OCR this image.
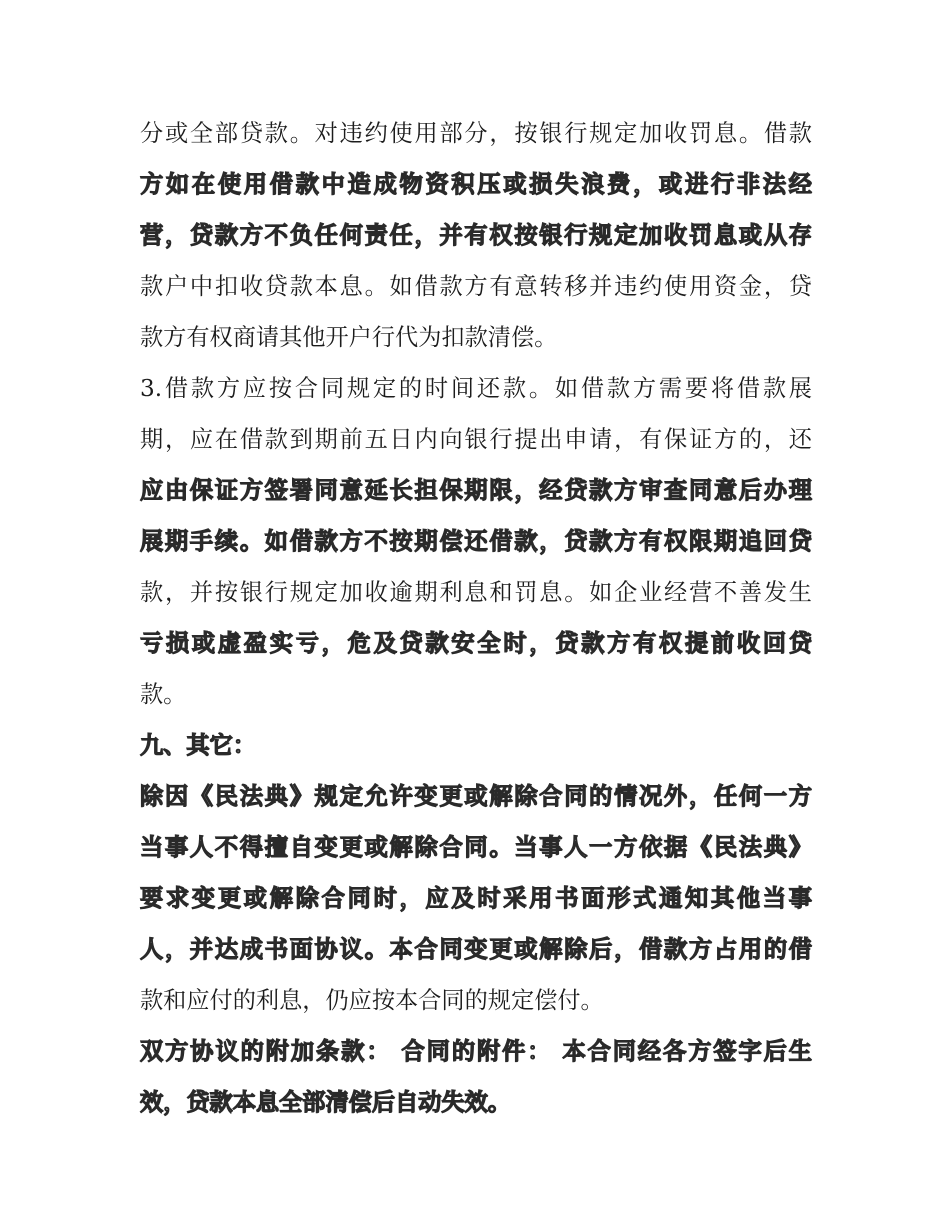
分或全部贷款。对违约使用部分，按银行规定加收罚息。借款
方如在使用借款中造成物资积压或损失浪费，或进行非法经
营，贷款方不负任何责任，并有权按银行规定加收罚息或从存
款户中扣收贷款本息。如借款方有意转移并违约使用资金，贷
款方有权商请其他开户行代为扣款清偿。
3.借款方应按合同规定的时间还款。如借款方需要将借款展
期，应在借款到期前五日内向银行提出申请，有保证方的，还
应由保证方签署同意延长担保期限，经贷款方审查同意后办理
展期手续。如借款方不按期偿还借款，贷款方有权限期追回贷
款，并按银行规定加收逾期利息和罚息。如企业经营不善发生
亏损或虚盈实亏，危及贷款安全时，贷款方有权提前收回贷
款。
九、其它：
除因《民法典》规定允许变更或解除合同的情况外，任何一方
当事人不得擅自变更或解除合同。当事人一方依据《民法典》
要求变更或解除合同时，应及时采用书面形式通知其他当事
人，并达成书面协议。本合同变更或解除后，借款方占用的借
款和应付的利息，仍应按本合同的规定偿付。
双方协议的附加条款： 合同的附件： 本合同经各方签字后生
效，贷款本息全部清偿后自动失效。
